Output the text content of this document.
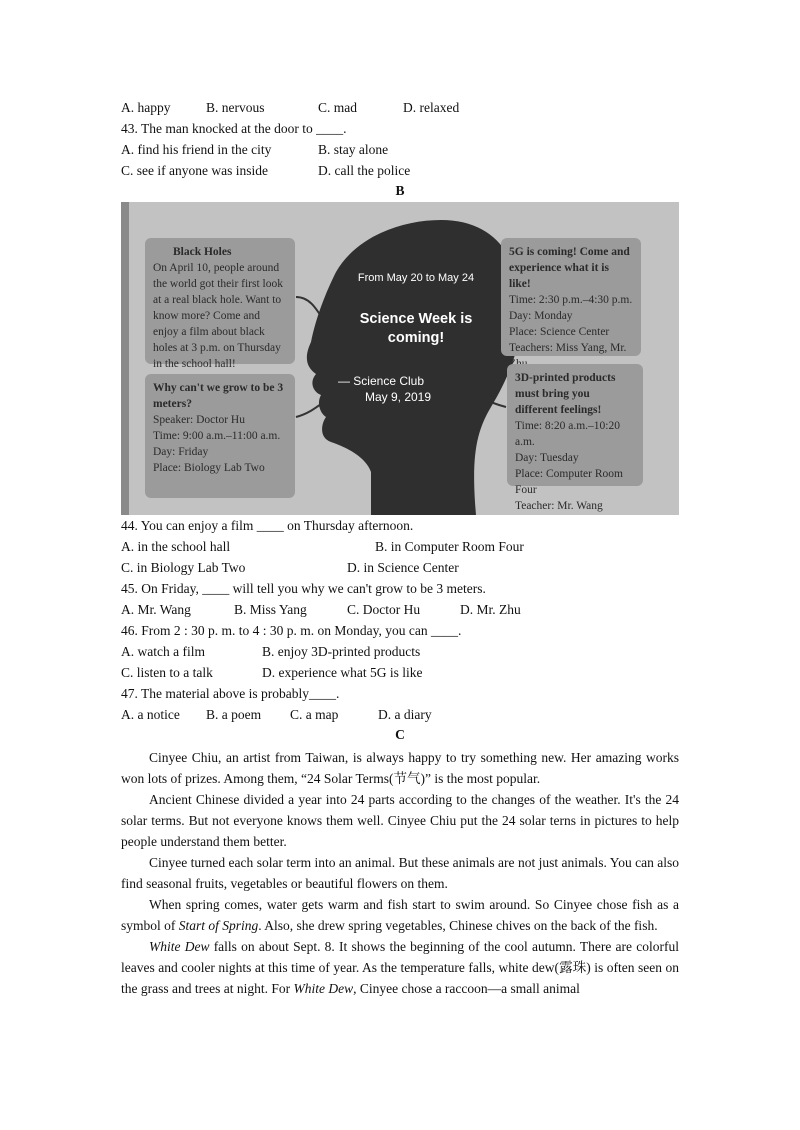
A. happy	B. nervous	C. mad	D. relaxed
43. The man knocked at the door to ____.
A. find his friend in the city	B. stay alone
C. see if anyone was inside	D. call the police
B
From May 20 to May 24
Science Week is coming!
— Science Club
May 9, 2019
Black Holes
On April 10, people around the world got their first look at a real black hole. Want to know more? Come and enjoy a film about black holes at 3 p.m. on Thursday in the school hall!
Why can't we grow to be 3 meters?
Speaker: Doctor Hu
Time: 9:00 a.m.–11:00 a.m.
Day: Friday
Place: Biology Lab Two
5G is coming! Come and experience what it is like!
Time: 2:30 p.m.–4:30 p.m.
Day: Monday
Place: Science Center
Teachers: Miss Yang, Mr.
3D-printed products must bring you different feelings!
Time: 8:20 a.m.–10:20 a.m.
Day: Tuesday
Place: Computer Room Four
Teacher: Mr. Wang
44. You can enjoy a film ____ on Thursday afternoon.
A. in the school hall	B. in Computer Room Four
C. in Biology Lab Two	D. in Science Center
45. On Friday, ____ will tell you why we can't grow to be 3 meters.
A. Mr. Wang	B. Miss Yang	C. Doctor Hu	D. Mr. Zhu
46. From 2 : 30 p. m. to 4 : 30 p. m. on Monday, you can ____.
A. watch a film	B. enjoy 3D-printed products
C. listen to a talk	D. experience what 5G is like
47. The material above is probably____.
A. a notice B. a poem C. a map	D. a diary
C

Cinyee Chiu, an artist from Taiwan, is always happy to try something new. Her amazing works won lots of prizes. Among them, “24 Solar Terms(节气)” is the most popular.

Ancient Chinese divided a year into 24 parts according to the changes of the weather. It's the 24 solar terms. But not everyone knows them well. Cinyee Chiu put the 24 solar terns in pictures to help people understand them better.

Cinyee turned each solar term into an animal. But these animals are not just animals. You can also find seasonal fruits, vegetables or beautiful flowers on them.

When spring comes, water gets warm and fish start to swim around. So Cinyee chose fish as a symbol of Start of Spring. Also, she drew spring vegetables, Chinese chives on the back of the fish.

White Dew falls on about Sept. 8. It shows the beginning of the cool autumn. There are colorful leaves and cooler nights at this time of year. As the temperature falls, white dew(露珠) is often seen on the grass and trees at night. For White Dew, Cinyee chose a raccoon—a small animal
